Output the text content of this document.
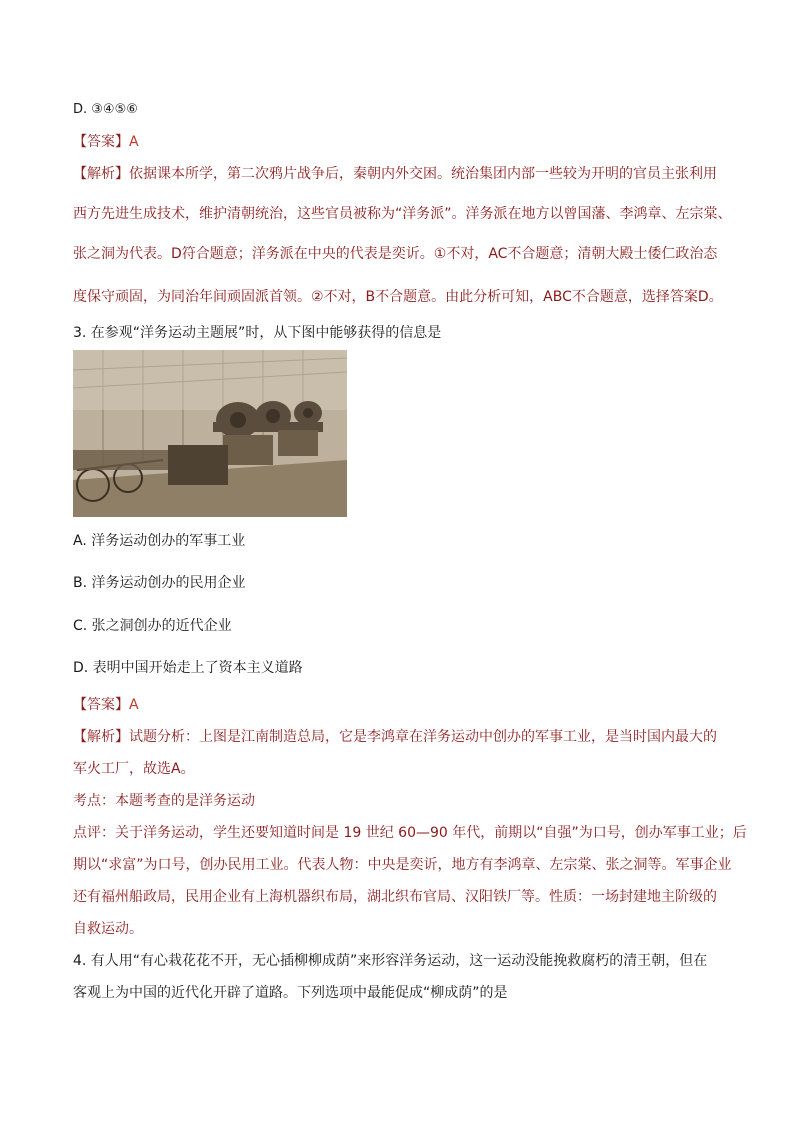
D. ③④⑤⑥
【答案】A
【解析】依据课本所学，第二次鸦片战争后，秦朝内外交困。统治集团内部一些较为开明的官员主张利用
西方先进生成技术，维护清朝统治，这些官员被称为“洋务派”。洋务派在地方以曾国藩、李鸿章、左宗棠、
张之洞为代表。D符合题意；洋务派在中央的代表是奕䜣。①不对，AC不合题意；清朝大殿士倭仁政治态
度保守顽固，为同治年间顽固派首领。②不对，B不合题意。由此分析可知，ABC不合题意，选择答案D。
3. 在参观“洋务运动主题展”时，从下图中能够获得的信息是
A. 洋务运动创办的军事工业
B. 洋务运动创办的民用企业
C. 张之洞创办的近代企业
D. 表明中国开始走上了资本主义道路
【答案】A
【解析】试题分析：上图是江南制造总局，它是李鸿章在洋务运动中创办的军事工业，是当时国内最大的
军火工厂，故选A。
考点：本题考查的是洋务运动
点评：关于洋务运动，学生还要知道时间是 19 世纪 60—90 年代，前期以“自强”为口号，创办军事工业；后
期以“求富”为口号，创办民用工业。代表人物：中央是奕䜣，地方有李鸿章、左宗棠、张之洞等。军事企业
还有福州船政局，民用企业有上海机器织布局，湖北织布官局、汉阳铁厂等。性质：一场封建地主阶级的
自救运动。
4. 有人用“有心栽花花不开，无心插柳柳成荫”来形容洋务运动，这一运动没能挽救腐朽的清王朝，但在
客观上为中国的近代化开辟了道路。下列选项中最能促成“柳成荫”的是
